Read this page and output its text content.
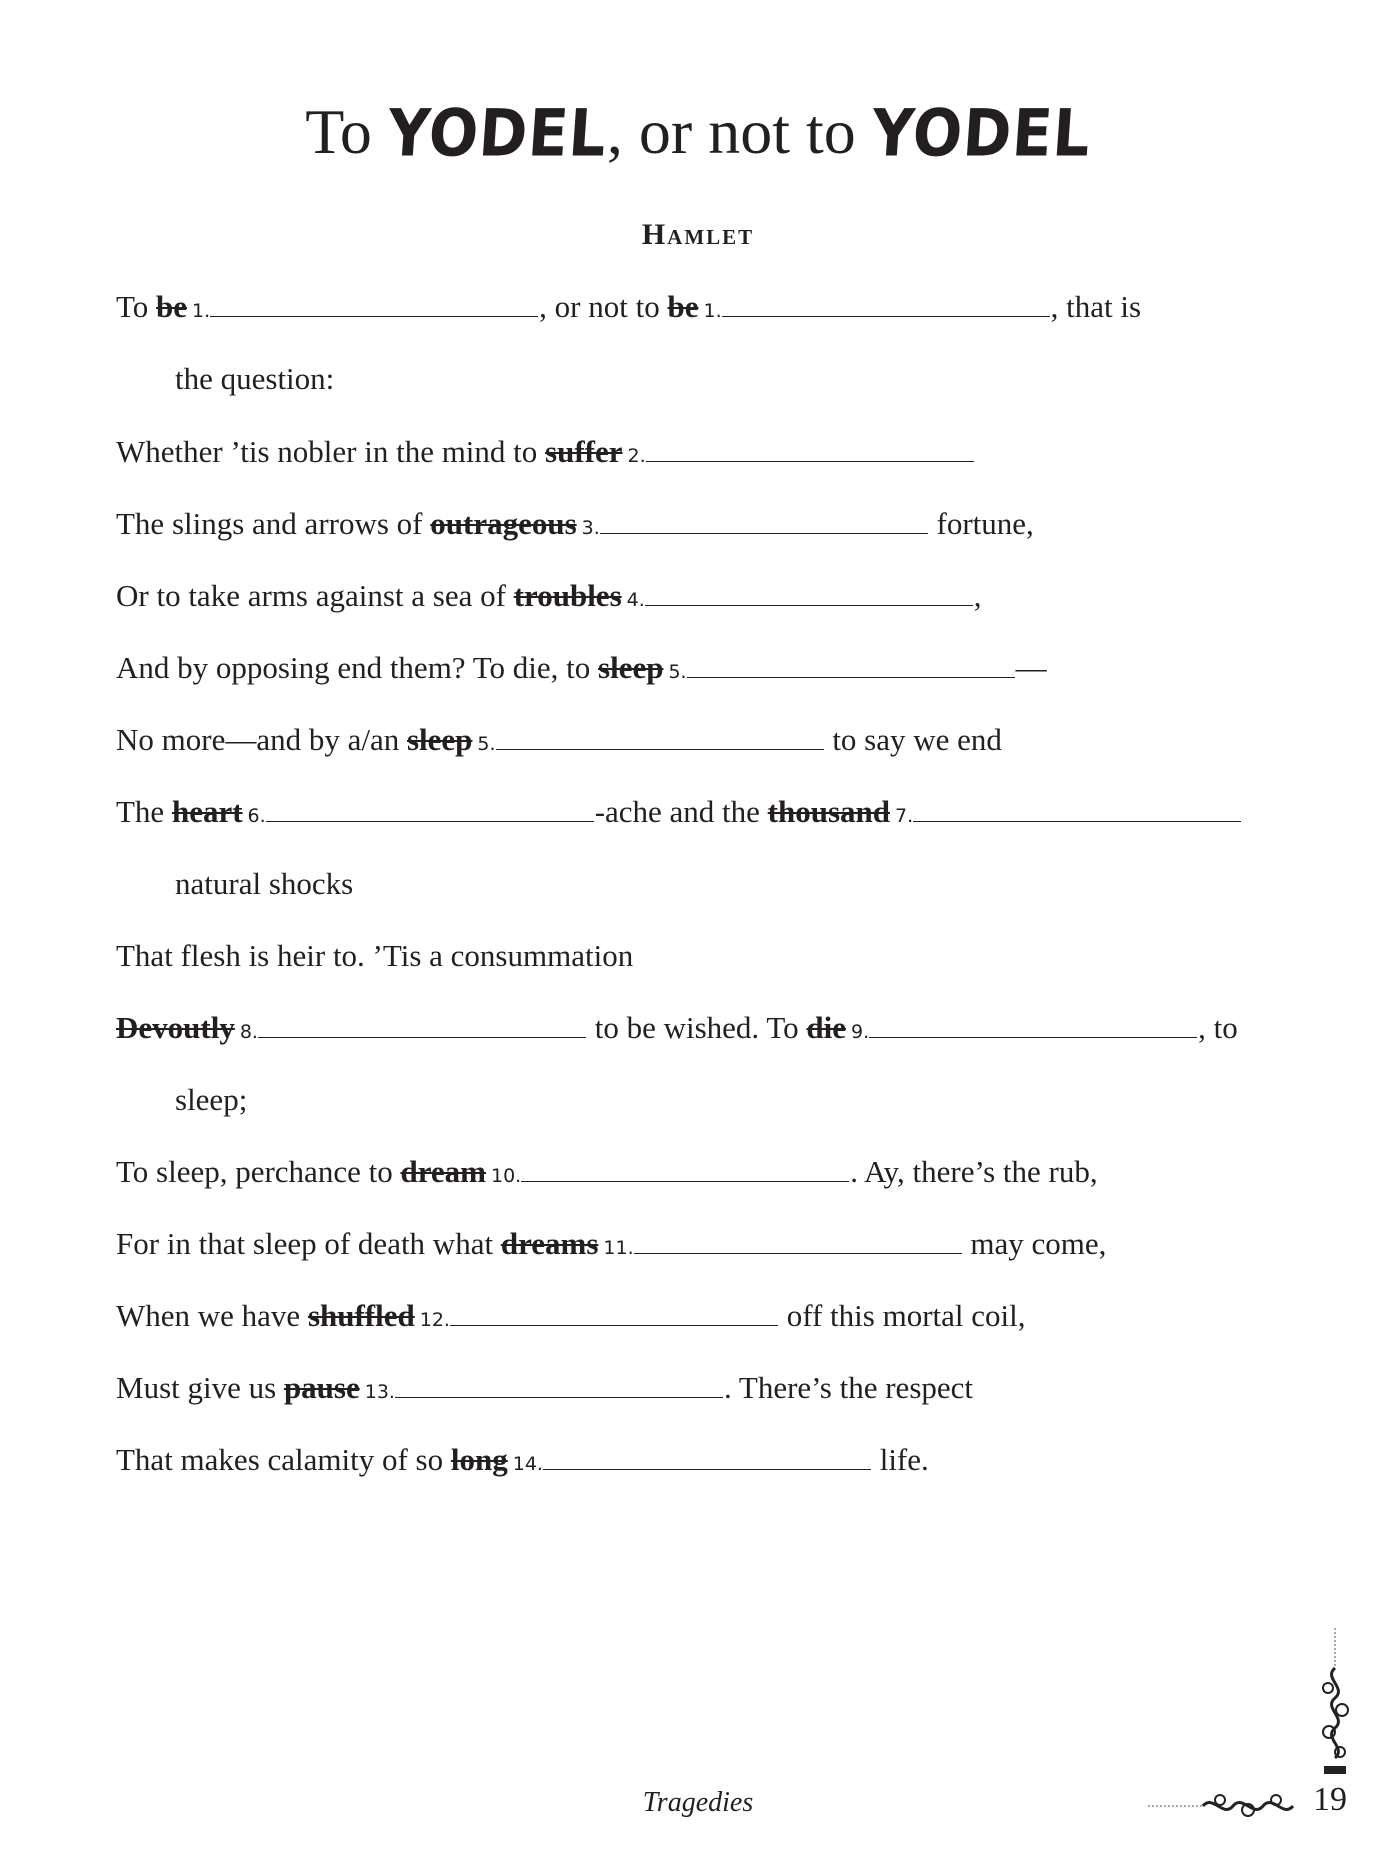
To YODEL, or not to YODEL
Hamlet
To be 1.	, or not to be 1.	, that is
the question:
Whether ’tis nobler in the mind to suffer 2.
The slings and arrows of outrageous 3.	fortune,
Or to take arms against a sea of troubles 4.	,
And by opposing end them? To die, to sleep 5.	—
No more—and by a/an sleep 5.	to say we end
The heart 6.	-ache and the thousand 7.
natural shocks
That flesh is heir to. ’Tis a consummation
Devoutly 8.	to be wished. To die 9.	, to
sleep;
To sleep, perchance to dream 10.	. Ay, there’s the rub,
For in that sleep of death what dreams 11.	may come,
When we have shuffled 12.	off this mortal coil,
Must give us pause 13.	. There’s the respect
That makes calamity of so long 14.	life.
Tragedies	19
